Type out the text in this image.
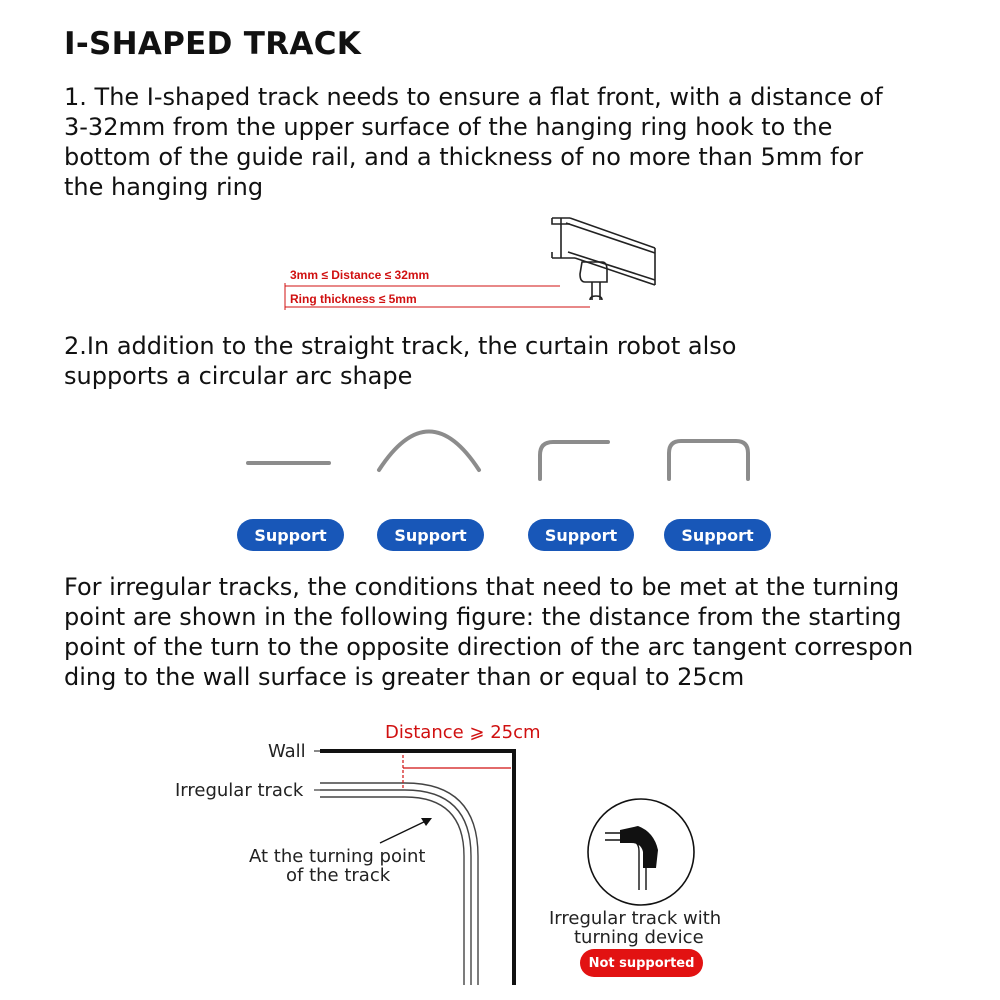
I-SHAPED TRACK
1. The I-shaped track needs to ensure a flat front, with a distance of
3-32mm from the upper surface of the hanging ring hook to the
bottom of the guide rail, and a thickness of no more than 5mm for
the hanging ring
3mm ≤ Distance ≤ 32mm
Ring thickness ≤ 5mm
2.In addition to the straight track, the curtain robot also
supports a circular arc shape
Support	Support	Support	Support
For irregular tracks, the conditions that need to be met at the turning
point are shown in the following figure: the distance from the starting
point of the turn to the opposite direction of the arc tangent correspon
ding to the wall surface is greater than or equal to 25cm
Distance ⩾ 25cm
Wall
Irregular track
At the turning point
of the track
Irregular track with
turning device
Not supported
